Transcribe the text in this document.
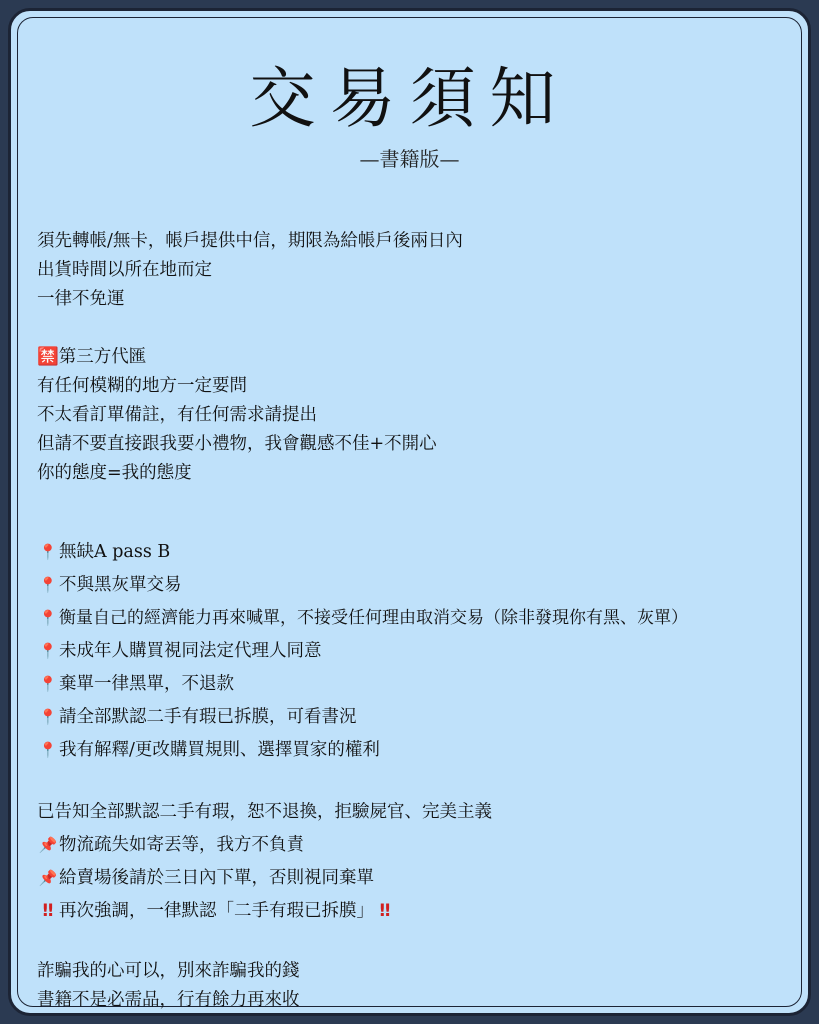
交易須知
—書籍版—
須先轉帳/無卡，帳戶提供中信，期限為給帳戶後兩日內
出貨時間以所在地而定
一律不免運
🈲第三方代匯
有任何模糊的地方一定要問
不太看訂單備註，有任何需求請提出
但請不要直接跟我要小禮物，我會觀感不佳+不開心
你的態度=我的態度
📍無缺A pass B
📍不與黑灰單交易
📍衡量自己的經濟能力再來喊單，不接受任何理由取消交易（除非發現你有黑、灰單）
📍未成年人購買視同法定代理人同意
📍棄單一律黑單，不退款
📍請全部默認二手有瑕已拆膜，可看書況
📍我有解釋/更改購買規則、選擇買家的權利
已告知全部默認二手有瑕，恕不退換，拒驗屍官、完美主義
📌物流疏失如寄丟等，我方不負責
📌給賣場後請於三日內下單，否則視同棄單
‼ 再次強調，一律默認「二手有瑕已拆膜」 ‼
詐騙我的心可以，別來詐騙我的錢
書籍不是必需品，行有餘力再來收
